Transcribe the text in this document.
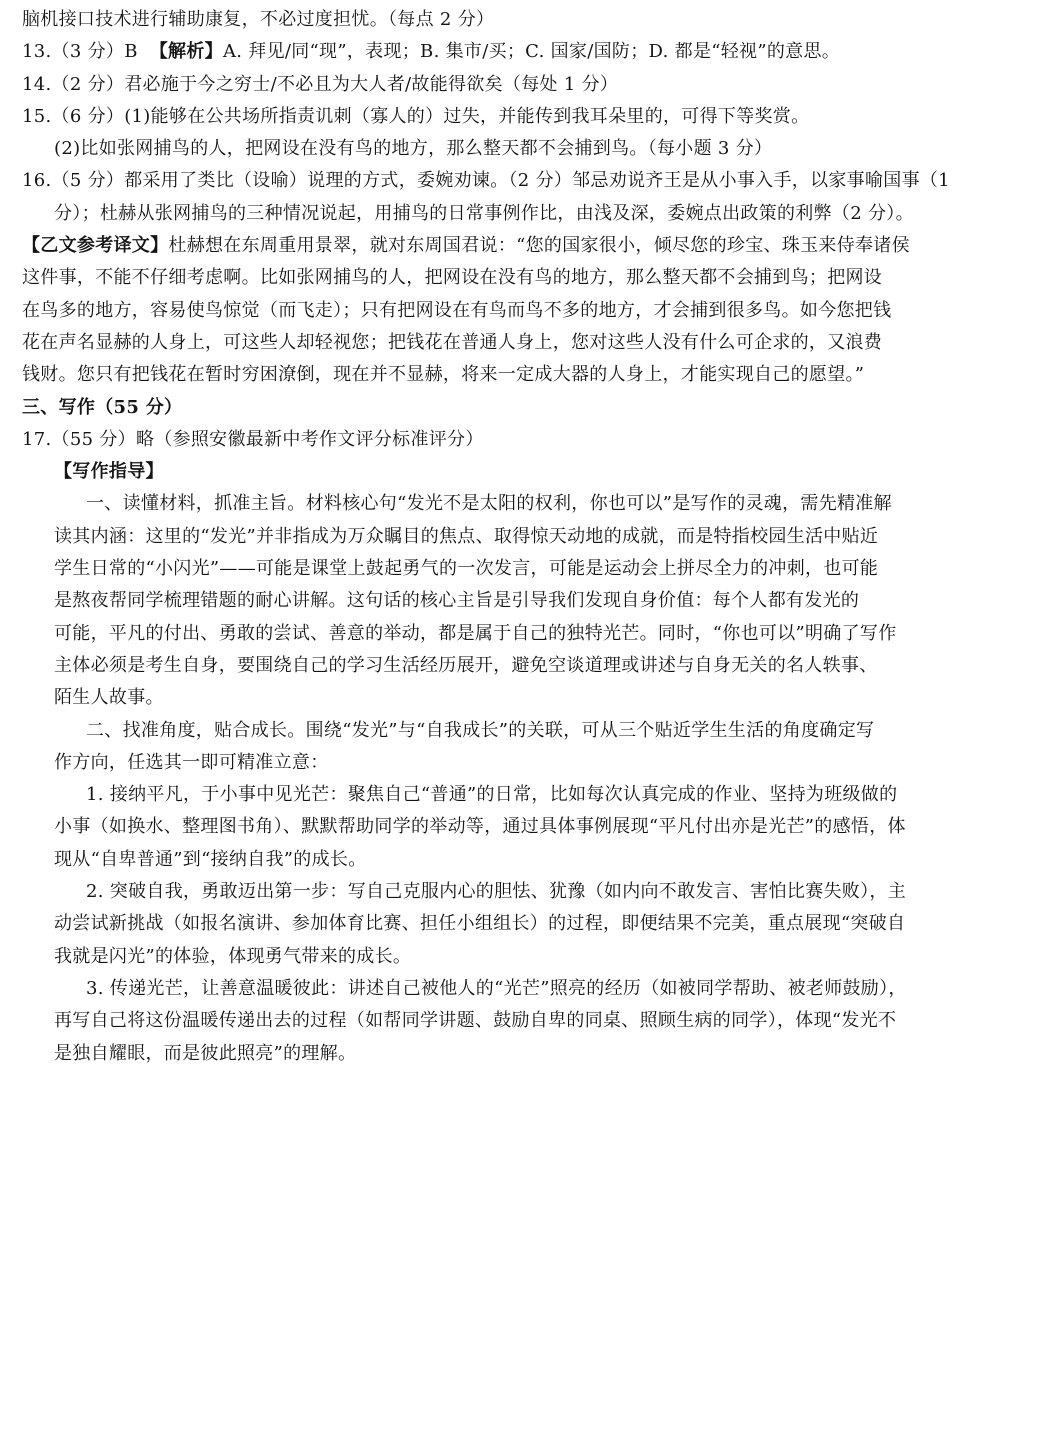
脑机接口技术进行辅助康复，不必过度担忧。（每点 2 分）
13.（3 分）B 【解析】A. 拜见/同“现”，表现；B. 集市/买；C. 国家/国防；D. 都是“轻视”的意思。
14.（2 分）君必施于今之穷士/不必且为大人者/故能得欲矣（每处 1 分）
15.（6 分）(1)能够在公共场所指责讥刺（寡人的）过失，并能传到我耳朵里的，可得下等奖赏。
(2)比如张网捕鸟的人，把网设在没有鸟的地方，那么整天都不会捕到鸟。（每小题 3 分）
16.（5 分）都采用了类比（设喻）说理的方式，委婉劝谏。（2 分）邹忌劝说齐王是从小事入手，以家事喻国事（1
分）；杜赫从张网捕鸟的三种情况说起，用捕鸟的日常事例作比，由浅及深，委婉点出政策的利弊（2 分）。
【乙文参考译文】杜赫想在东周重用景翠，就对东周国君说：“您的国家很小，倾尽您的珍宝、珠玉来侍奉诸侯
这件事，不能不仔细考虑啊。比如张网捕鸟的人，把网设在没有鸟的地方，那么整天都不会捕到鸟；把网设
在鸟多的地方，容易使鸟惊觉（而飞走）；只有把网设在有鸟而鸟不多的地方，才会捕到很多鸟。如今您把钱
花在声名显赫的人身上，可这些人却轻视您；把钱花在普通人身上，您对这些人没有什么可企求的，又浪费
钱财。您只有把钱花在暂时穷困潦倒，现在并不显赫，将来一定成大器的人身上，才能实现自己的愿望。”
三、写作（55 分）
17.（55 分）略（参照安徽最新中考作文评分标准评分）
【写作指导】
一、读懂材料，抓准主旨。材料核心句“发光不是太阳的权利，你也可以”是写作的灵魂，需先精准解
读其内涵：这里的“发光”并非指成为万众瞩目的焦点、取得惊天动地的成就，而是特指校园生活中贴近
学生日常的“小闪光”——可能是课堂上鼓起勇气的一次发言，可能是运动会上拼尽全力的冲刺，也可能
是熬夜帮同学梳理错题的耐心讲解。这句话的核心主旨是引导我们发现自身价值：每个人都有发光的
可能，平凡的付出、勇敢的尝试、善意的举动，都是属于自己的独特光芒。同时，“你也可以”明确了写作
主体必须是考生自身，要围绕自己的学习生活经历展开，避免空谈道理或讲述与自身无关的名人轶事、
陌生人故事。
二、找准角度，贴合成长。围绕“发光”与“自我成长”的关联，可从三个贴近学生生活的角度确定写
作方向，任选其一即可精准立意：
1. 接纳平凡，于小事中见光芒：聚焦自己“普通”的日常，比如每次认真完成的作业、坚持为班级做的
小事（如换水、整理图书角）、默默帮助同学的举动等，通过具体事例展现“平凡付出亦是光芒”的感悟，体
现从“自卑普通”到“接纳自我”的成长。
2. 突破自我，勇敢迈出第一步：写自己克服内心的胆怯、犹豫（如内向不敢发言、害怕比赛失败），主
动尝试新挑战（如报名演讲、参加体育比赛、担任小组组长）的过程，即便结果不完美，重点展现“突破自
我就是闪光”的体验，体现勇气带来的成长。
3. 传递光芒，让善意温暖彼此：讲述自己被他人的“光芒”照亮的经历（如被同学帮助、被老师鼓励），
再写自己将这份温暖传递出去的过程（如帮同学讲题、鼓励自卑的同桌、照顾生病的同学），体现“发光不
是独自耀眼，而是彼此照亮”的理解。
